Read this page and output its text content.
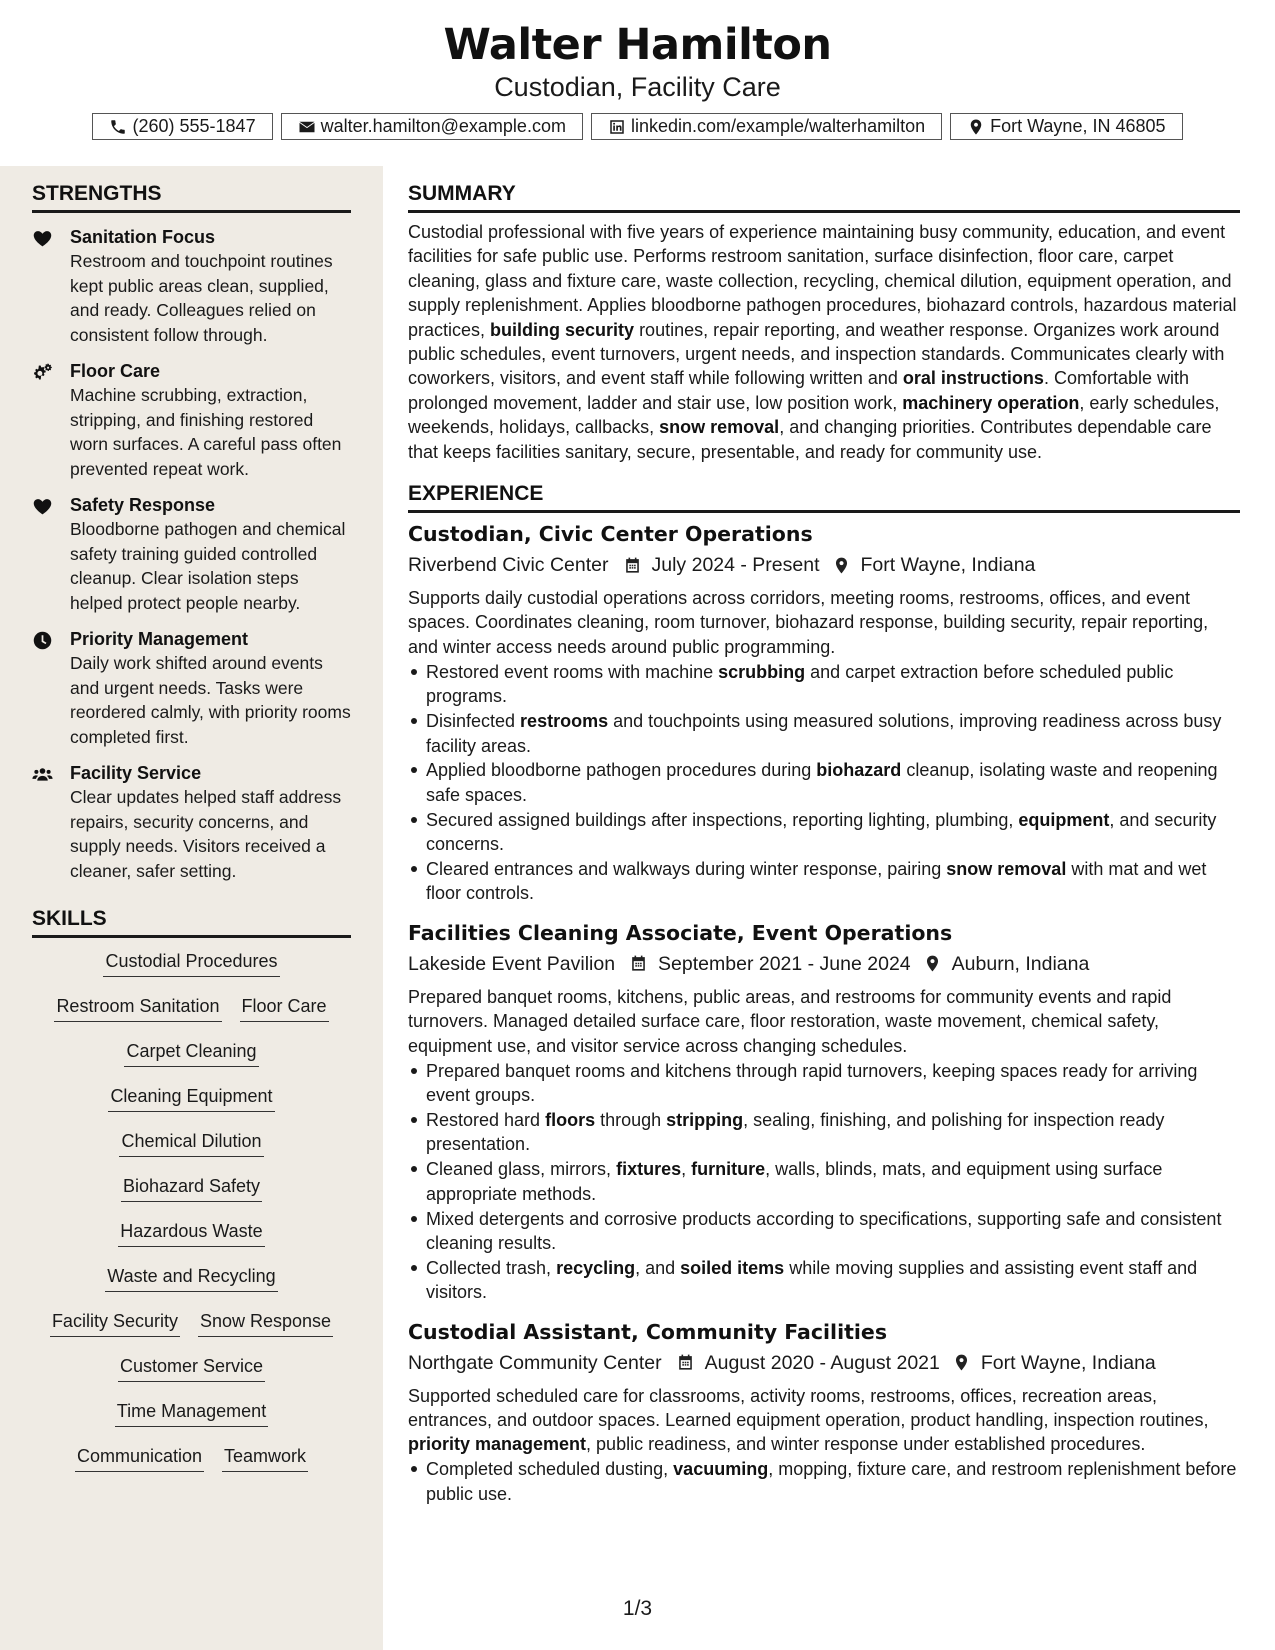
Walter Hamilton
Custodian, Facility Care
(260) 555-1847	walter.hamilton@example.com	linkedin.com/example/walterhamilton	Fort Wayne, IN 46805
STRENGTHS
Sanitation Focus
Restroom and touchpoint routines kept public areas clean, supplied, and ready. Colleagues relied on consistent follow through.
Floor Care
Machine scrubbing, extraction, stripping, and finishing restored worn surfaces. A careful pass often prevented repeat work.
Safety Response
Bloodborne pathogen and chemical safety training guided controlled cleanup. Clear isolation steps helped protect people nearby.
Priority Management
Daily work shifted around events and urgent needs. Tasks were reordered calmly, with priority rooms completed first.
Facility Service
Clear updates helped staff address repairs, security concerns, and supply needs. Visitors received a cleaner, safer setting.
SKILLS
Custodial Procedures
Restroom Sanitation Floor Care
Carpet Cleaning
Cleaning Equipment
Chemical Dilution
Biohazard Safety
Hazardous Waste
Waste and Recycling
Facility Security Snow Response
Customer Service
Time Management
Communication Teamwork
SUMMARY
Custodial professional with five years of experience maintaining busy community, education, and event facilities for safe public use. Performs restroom sanitation, surface disinfection, floor care, carpet cleaning, glass and fixture care, waste collection, recycling, chemical dilution, equipment operation, and supply replenishment. Applies bloodborne pathogen procedures, biohazard controls, hazardous material practices, building security routines, repair reporting, and weather response. Organizes work around public schedules, event turnovers, urgent needs, and inspection standards. Communicates clearly with coworkers, visitors, and event staff while following written and oral instructions. Comfortable with prolonged movement, ladder and stair use, low position work, machinery operation, early schedules, weekends, holidays, callbacks, snow removal, and changing priorities. Contributes dependable care that keeps facilities sanitary, secure, presentable, and ready for community use.
EXPERIENCE
Custodian, Civic Center Operations
Riverbend Civic Center July 2024 - Present Fort Wayne, Indiana
Supports daily custodial operations across corridors, meeting rooms, restrooms, offices, and event spaces. Coordinates cleaning, room turnover, biohazard response, building security, repair reporting, and winter access needs around public programming.
Restored event rooms with machine scrubbing and carpet extraction before scheduled public programs.
Disinfected restrooms and touchpoints using measured solutions, improving readiness across busy facility areas.
Applied bloodborne pathogen procedures during biohazard cleanup, isolating waste and reopening safe spaces.
Secured assigned buildings after inspections, reporting lighting, plumbing, equipment, and security concerns.
Cleared entrances and walkways during winter response, pairing snow removal with mat and wet floor controls.
Facilities Cleaning Associate, Event Operations
Lakeside Event Pavilion September 2021 - June 2024 Auburn, Indiana
Prepared banquet rooms, kitchens, public areas, and restrooms for community events and rapid turnovers. Managed detailed surface care, floor restoration, waste movement, chemical safety, equipment use, and visitor service across changing schedules.
Prepared banquet rooms and kitchens through rapid turnovers, keeping spaces ready for arriving event groups.
Restored hard floors through stripping, sealing, finishing, and polishing for inspection ready presentation.
Cleaned glass, mirrors, fixtures, furniture, walls, blinds, mats, and equipment using surface appropriate methods.
Mixed detergents and corrosive products according to specifications, supporting safe and consistent cleaning results.
Collected trash, recycling, and soiled items while moving supplies and assisting event staff and visitors.
Custodial Assistant, Community Facilities
Northgate Community Center August 2020 - August 2021 Fort Wayne, Indiana
Supported scheduled care for classrooms, activity rooms, restrooms, offices, recreation areas, entrances, and outdoor spaces. Learned equipment operation, product handling, inspection routines, priority management, public readiness, and winter response under established procedures.
Completed scheduled dusting, vacuuming, mopping, fixture care, and restroom replenishment before public use.
1/3
